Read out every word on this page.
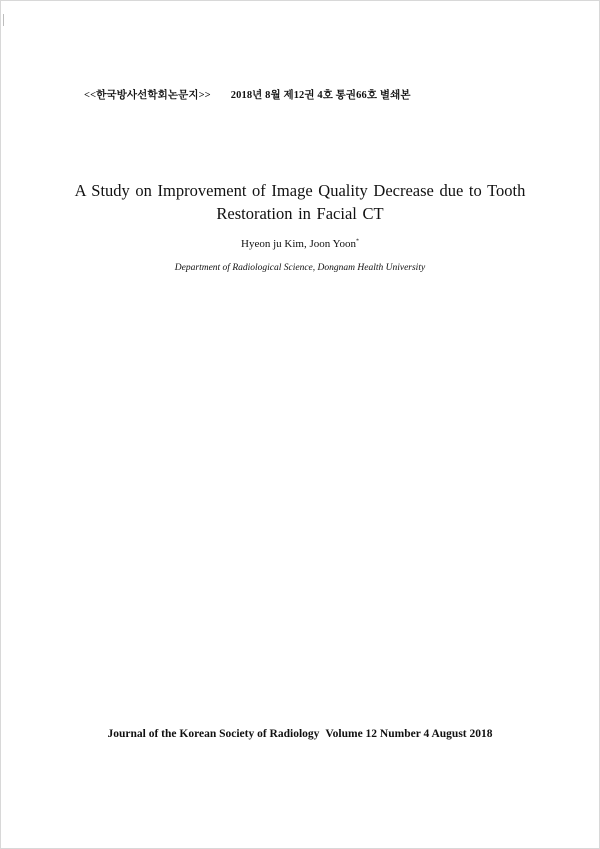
<<한국방사선학회논문지>> 2018년 8월 제12권 4호 통권66호 별쇄본
A Study on Improvement of Image Quality Decrease due to Tooth
Restoration in Facial CT
Hyeon ju Kim, Joon Yoon*
Department of Radiological Science, Dongnam Health University
Journal of the Korean Society of Radiology Volume 12 Number 4 August 2018
